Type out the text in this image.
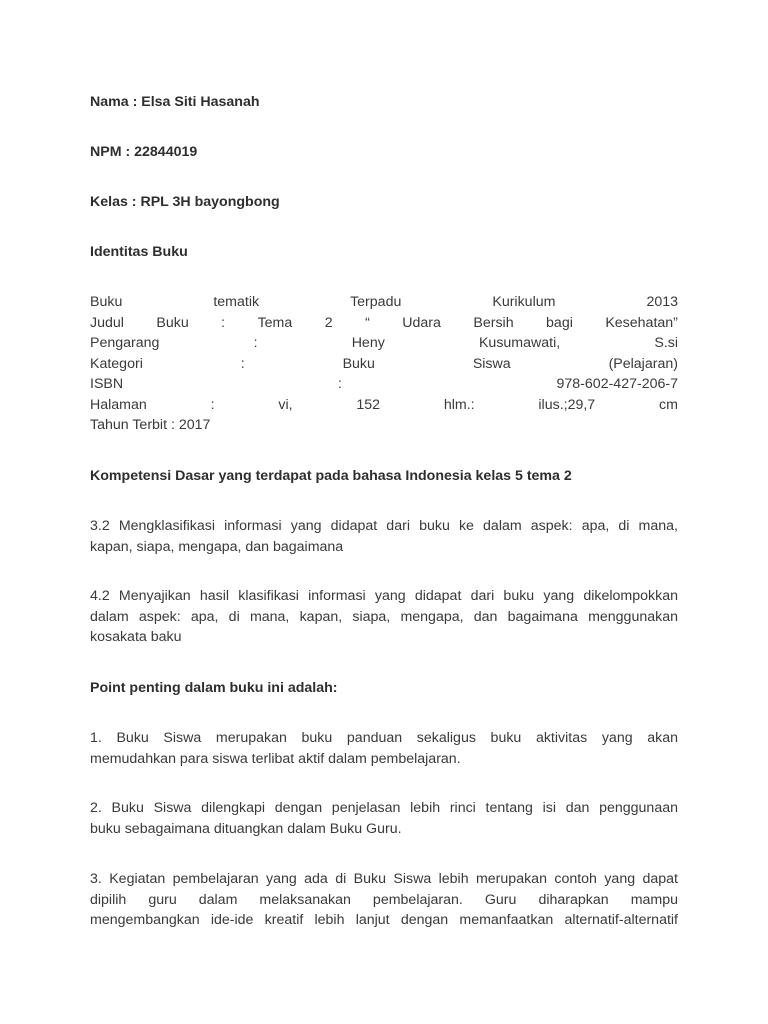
Nama : Elsa Siti Hasanah
NPM : 22844019
Kelas : RPL 3H bayongbong
Identitas Buku
Buku	tematik	Terpadu	Kurikulum	2013
Judul Buku : Tema 2 “ Udara Bersih bagi Kesehatan”
Pengarang	:	Heny	Kusumawati,	S.si
Kategori	:	Buku	Siswa	(Pelajaran)
ISBN	:	978-602-427-206-7
Halaman	:	vi,	152	hlm.:	ilus.;29,7	cm
Tahun Terbit : 2017
Kompetensi Dasar yang terdapat pada bahasa Indonesia kelas 5 tema 2
3.2 Mengklasifikasi informasi yang didapat dari buku ke dalam aspek: apa, di mana,
kapan, siapa, mengapa, dan bagaimana
4.2 Menyajikan hasil klasifikasi informasi yang didapat dari buku yang dikelompokkan
dalam aspek: apa, di mana, kapan, siapa, mengapa, dan bagaimana menggunakan
kosakata baku
Point penting dalam buku ini adalah:
1. Buku Siswa merupakan buku panduan sekaligus buku aktivitas yang akan
memudahkan para siswa terlibat aktif dalam pembelajaran.
2. Buku Siswa dilengkapi dengan penjelasan lebih rinci tentang isi dan penggunaan
buku sebagaimana dituangkan dalam Buku Guru.
3. Kegiatan pembelajaran yang ada di Buku Siswa lebih merupakan contoh yang dapat
dipilih guru dalam melaksanakan pembelajaran. Guru diharapkan mampu
mengembangkan ide-ide kreatif lebih lanjut dengan memanfaatkan alternatif-alternatif
